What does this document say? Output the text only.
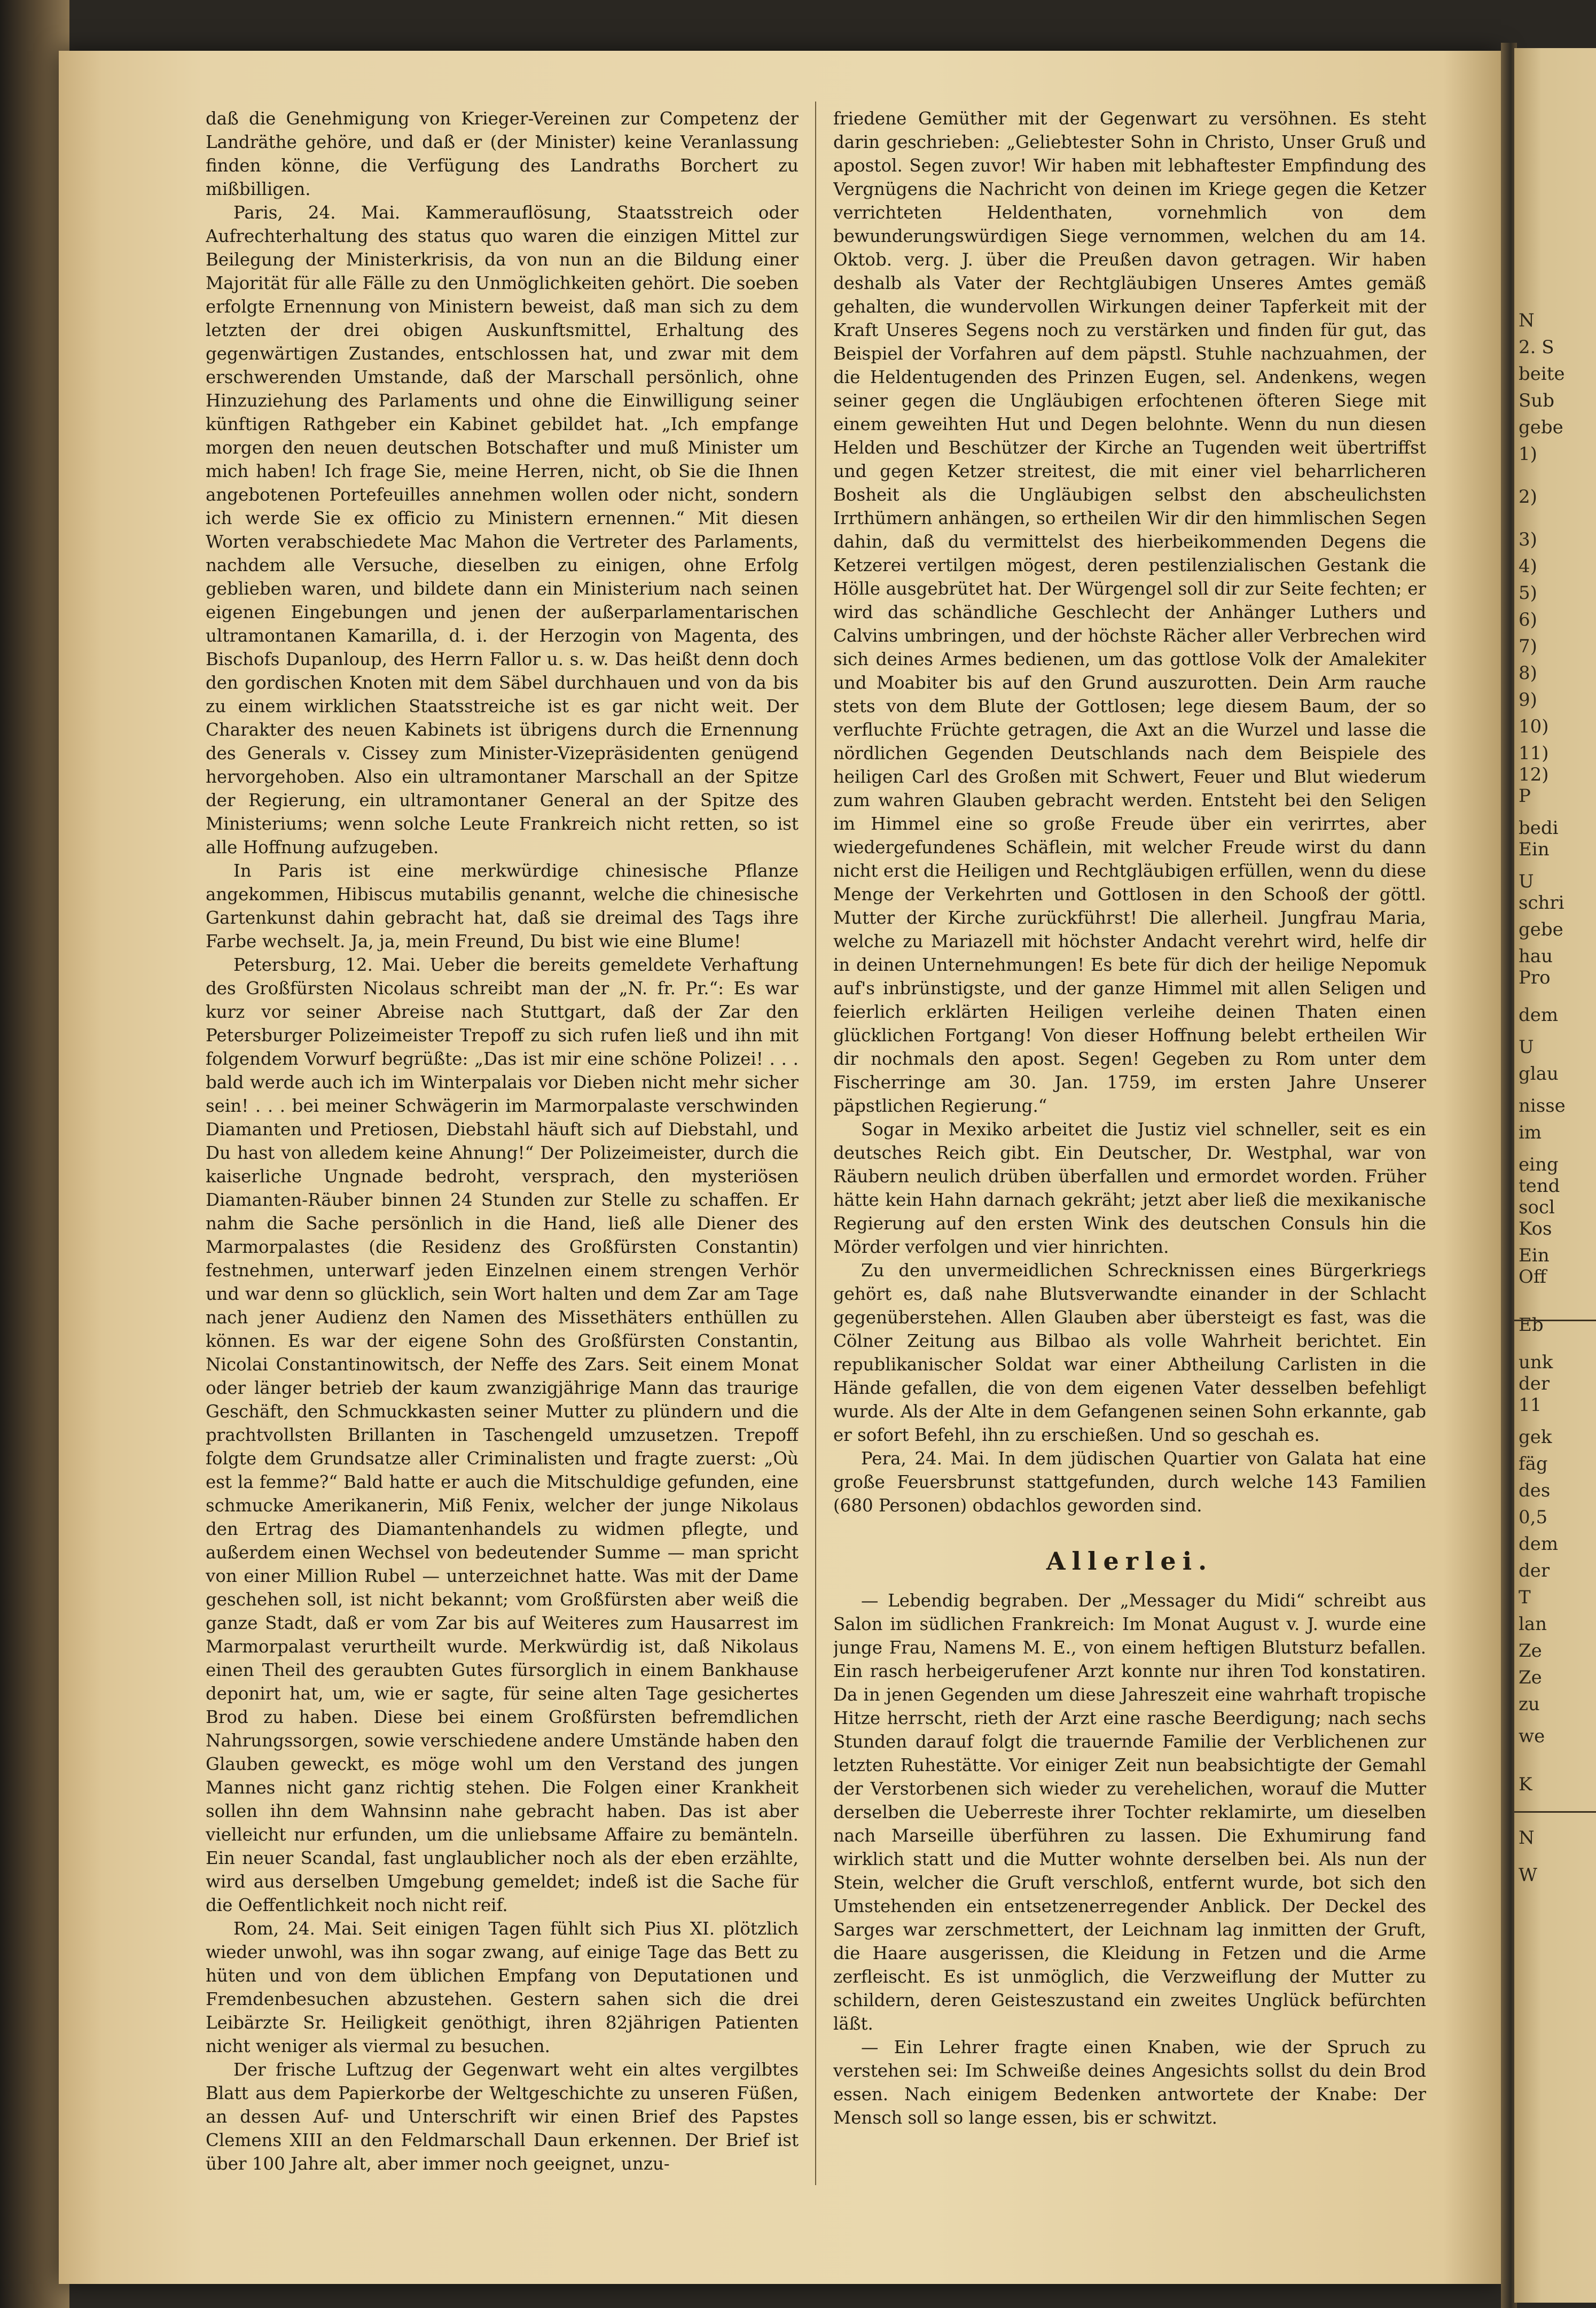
N
2. S
beite
Sub
gebe
1)
2)
3)
4)
5)
6)
7)
8)
9)
10)
11)
12)
P
bedi
Ein
U
schri
gebe
hau
Pro
dem
U
glau
nisse
im
eing
tend
socl
Kos
Ein
Off
Eb
unk
der
11
gek
fäg
des
0,5
dem
der
T
lan
Ze
Ze
zu
we
K
N
W

daß die Genehmigung von Krieger-Vereinen zur Competenz der Landräthe gehöre, und daß er (der Minister) keine Veranlassung finden könne, die Verfügung des Landraths Borchert zu mißbilligen.

Paris, 24. Mai. Kammerauflösung, Staatsstreich oder Aufrechterhaltung des status quo waren die einzigen Mittel zur Beilegung der Ministerkrisis, da von nun an die Bildung einer Majorität für alle Fälle zu den Unmöglichkeiten gehört. Die soeben erfolgte Ernennung von Ministern beweist, daß man sich zu dem letzten der drei obigen Auskunftsmittel, Erhaltung des gegenwärtigen Zustandes, entschlossen hat, und zwar mit dem erschwerenden Umstande, daß der Marschall persönlich, ohne Hinzuziehung des Parlaments und ohne die Einwilligung seiner künftigen Rathgeber ein Kabinet gebildet hat. „Ich empfange morgen den neuen deutschen Botschafter und muß Minister um mich haben! Ich frage Sie, meine Herren, nicht, ob Sie die Ihnen angebotenen Portefeuilles annehmen wollen oder nicht, sondern ich werde Sie ex officio zu Ministern ernennen.“ Mit diesen Worten verabschiedete Mac Mahon die Vertreter des Parlaments, nachdem alle Versuche, dieselben zu einigen, ohne Erfolg geblieben waren, und bildete dann ein Ministerium nach seinen eigenen Eingebungen und jenen der außerparlamentarischen ultramontanen Kamarilla, d. i. der Herzogin von Magenta, des Bischofs Dupanloup, des Herrn Fallor u. s. w. Das heißt denn doch den gordischen Knoten mit dem Säbel durchhauen und von da bis zu einem wirklichen Staatsstreiche ist es gar nicht weit. Der Charakter des neuen Kabinets ist übrigens durch die Ernennung des Generals v. Cissey zum Minister-Vizepräsidenten genügend hervorgehoben. Also ein ultramontaner Marschall an der Spitze der Regierung, ein ultramontaner General an der Spitze des Ministeriums; wenn solche Leute Frankreich nicht retten, so ist alle Hoffnung aufzugeben.

In Paris ist eine merkwürdige chinesische Pflanze angekommen, Hibiscus mutabilis genannt, welche die chinesische Gartenkunst dahin gebracht hat, daß sie dreimal des Tags ihre Farbe wechselt. Ja, ja, mein Freund, Du bist wie eine Blume!

Petersburg, 12. Mai. Ueber die bereits gemeldete Verhaftung des Großfürsten Nicolaus schreibt man der „N. fr. Pr.“: Es war kurz vor seiner Abreise nach Stuttgart, daß der Zar den Petersburger Polizeimeister Trepoff zu sich rufen ließ und ihn mit folgendem Vorwurf begrüßte: „Das ist mir eine schöne Polizei! . . . bald werde auch ich im Winterpalais vor Dieben nicht mehr sicher sein! . . . bei meiner Schwägerin im Marmorpalaste verschwinden Diamanten und Pretiosen, Diebstahl häuft sich auf Diebstahl, und Du hast von alledem keine Ahnung!“ Der Polizeimeister, durch die kaiserliche Ungnade bedroht, versprach, den mysteriösen Diamanten-Räuber binnen 24 Stunden zur Stelle zu schaffen. Er nahm die Sache persönlich in die Hand, ließ alle Diener des Marmorpalastes (die Residenz des Großfürsten Constantin) festnehmen, unterwarf jeden Einzelnen einem strengen Verhör und war denn so glücklich, sein Wort halten und dem Zar am Tage nach jener Audienz den Namen des Missethäters enthüllen zu können. Es war der eigene Sohn des Großfürsten Constantin, Nicolai Constantinowitsch, der Neffe des Zars. Seit einem Monat oder länger betrieb der kaum zwanzigjährige Mann das traurige Geschäft, den Schmuckkasten seiner Mutter zu plündern und die prachtvollsten Brillanten in Taschengeld umzusetzen. Trepoff folgte dem Grundsatze aller Criminalisten und fragte zuerst: „Où est la femme?“ Bald hatte er auch die Mitschuldige gefunden, eine schmucke Amerikanerin, Miß Fenix, welcher der junge Nikolaus den Ertrag des Diamantenhandels zu widmen pflegte, und außerdem einen Wechsel von bedeutender Summe — man spricht von einer Million Rubel — unterzeichnet hatte. Was mit der Dame geschehen soll, ist nicht bekannt; vom Großfürsten aber weiß die ganze Stadt, daß er vom Zar bis auf Weiteres zum Hausarrest im Marmorpalast verurtheilt wurde. Merkwürdig ist, daß Nikolaus einen Theil des geraubten Gutes fürsorglich in einem Bankhause deponirt hat, um, wie er sagte, für seine alten Tage gesichertes Brod zu haben. Diese bei einem Großfürsten befremdlichen Nahrungssorgen, sowie verschiedene andere Umstände haben den Glauben geweckt, es möge wohl um den Verstand des jungen Mannes nicht ganz richtig stehen. Die Folgen einer Krankheit sollen ihn dem Wahnsinn nahe gebracht haben. Das ist aber vielleicht nur erfunden, um die unliebsame Affaire zu bemänteln. Ein neuer Scandal, fast unglaublicher noch als der eben erzählte, wird aus derselben Umgebung gemeldet; indeß ist die Sache für die Oeffentlichkeit noch nicht reif.

Rom, 24. Mai. Seit einigen Tagen fühlt sich Pius XI. plötzlich wieder unwohl, was ihn sogar zwang, auf einige Tage das Bett zu hüten und von dem üblichen Empfang von Deputationen und Fremdenbesuchen abzustehen. Gestern sahen sich die drei Leibärzte Sr. Heiligkeit genöthigt, ihren 82jährigen Patienten nicht weniger als viermal zu besuchen.

Der frische Luftzug der Gegenwart weht ein altes vergilbtes Blatt aus dem Papierkorbe der Weltgeschichte zu unseren Füßen, an dessen Auf- und Unterschrift wir einen Brief des Papstes Clemens XIII an den Feldmarschall Daun erkennen. Der Brief ist über 100 Jahre alt, aber immer noch geeignet, unzu-

friedene Gemüther mit der Gegenwart zu versöhnen. Es steht darin geschrieben: „Geliebtester Sohn in Christo, Unser Gruß und apostol. Segen zuvor! Wir haben mit lebhaftester Empfindung des Vergnügens die Nachricht von deinen im Kriege gegen die Ketzer verrichteten Heldenthaten, vornehmlich von dem bewunderungswürdigen Siege vernommen, welchen du am 14. Oktob. verg. J. über die Preußen davon getragen. Wir haben deshalb als Vater der Rechtgläubigen Unseres Amtes gemäß gehalten, die wundervollen Wirkungen deiner Tapferkeit mit der Kraft Unseres Segens noch zu verstärken und finden für gut, das Beispiel der Vorfahren auf dem päpstl. Stuhle nachzuahmen, der die Heldentugenden des Prinzen Eugen, sel. Andenkens, wegen seiner gegen die Ungläubigen erfochtenen öfteren Siege mit einem geweihten Hut und Degen belohnte. Wenn du nun diesen Helden und Beschützer der Kirche an Tugenden weit übertriffst und gegen Ketzer streitest, die mit einer viel beharrlicheren Bosheit als die Ungläubigen selbst den abscheulichsten Irrthümern anhängen, so ertheilen Wir dir den himmlischen Segen dahin, daß du vermittelst des hierbeikommenden Degens die Ketzerei vertilgen mögest, deren pestilenzialischen Gestank die Hölle ausgebrütet hat. Der Würgengel soll dir zur Seite fechten; er wird das schändliche Geschlecht der Anhänger Luthers und Calvins umbringen, und der höchste Rächer aller Verbrechen wird sich deines Armes bedienen, um das gottlose Volk der Amalekiter und Moabiter bis auf den Grund auszurotten. Dein Arm rauche stets von dem Blute der Gottlosen; lege diesem Baum, der so verfluchte Früchte getragen, die Axt an die Wurzel und lasse die nördlichen Gegenden Deutschlands nach dem Beispiele des heiligen Carl des Großen mit Schwert, Feuer und Blut wiederum zum wahren Glauben gebracht werden. Entsteht bei den Seligen im Himmel eine so große Freude über ein verirrtes, aber wiedergefundenes Schäflein, mit welcher Freude wirst du dann nicht erst die Heiligen und Rechtgläubigen erfüllen, wenn du diese Menge der Verkehrten und Gottlosen in den Schooß der göttl. Mutter der Kirche zurückführst! Die allerheil. Jungfrau Maria, welche zu Mariazell mit höchster Andacht verehrt wird, helfe dir in deinen Unternehmungen! Es bete für dich der heilige Nepomuk auf's inbrünstigste, und der ganze Himmel mit allen Seligen und feierlich erklärten Heiligen verleihe deinen Thaten einen glücklichen Fortgang! Von dieser Hoffnung belebt ertheilen Wir dir nochmals den apost. Segen! Gegeben zu Rom unter dem Fischerringe am 30. Jan. 1759, im ersten Jahre Unserer päpstlichen Regierung.“

Sogar in Mexiko arbeitet die Justiz viel schneller, seit es ein deutsches Reich gibt. Ein Deutscher, Dr. Westphal, war von Räubern neulich drüben überfallen und ermordet worden. Früher hätte kein Hahn darnach gekräht; jetzt aber ließ die mexikanische Regierung auf den ersten Wink des deutschen Consuls hin die Mörder verfolgen und vier hinrichten.

Zu den unvermeidlichen Schrecknissen eines Bürgerkriegs gehört es, daß nahe Blutsverwandte einander in der Schlacht gegenüberstehen. Allen Glauben aber übersteigt es fast, was die Cölner Zeitung aus Bilbao als volle Wahrheit berichtet. Ein republikanischer Soldat war einer Abtheilung Carlisten in die Hände gefallen, die von dem eigenen Vater desselben befehligt wurde. Als der Alte in dem Gefangenen seinen Sohn erkannte, gab er sofort Befehl, ihn zu erschießen. Und so geschah es.

Pera, 24. Mai. In dem jüdischen Quartier von Galata hat eine große Feuersbrunst stattgefunden, durch welche 143 Familien (680 Personen) obdachlos geworden sind.

Allerlei.

— Lebendig begraben. Der „Messager du Midi“ schreibt aus Salon im südlichen Frankreich: Im Monat August v. J. wurde eine junge Frau, Namens M. E., von einem heftigen Blutsturz befallen. Ein rasch herbeigerufener Arzt konnte nur ihren Tod konstatiren. Da in jenen Gegenden um diese Jahreszeit eine wahrhaft tropische Hitze herrscht, rieth der Arzt eine rasche Beerdigung; nach sechs Stunden darauf folgt die trauernde Familie der Verblichenen zur letzten Ruhestätte. Vor einiger Zeit nun beabsichtigte der Gemahl der Verstorbenen sich wieder zu verehelichen, worauf die Mutter derselben die Ueberreste ihrer Tochter reklamirte, um dieselben nach Marseille überführen zu lassen. Die Exhumirung fand wirklich statt und die Mutter wohnte derselben bei. Als nun der Stein, welcher die Gruft verschloß, entfernt wurde, bot sich den Umstehenden ein entsetzenerregender Anblick. Der Deckel des Sarges war zerschmettert, der Leichnam lag inmitten der Gruft, die Haare ausgerissen, die Kleidung in Fetzen und die Arme zerfleischt. Es ist unmöglich, die Verzweiflung der Mutter zu schildern, deren Geisteszustand ein zweites Unglück befürchten läßt.

— Ein Lehrer fragte einen Knaben, wie der Spruch zu verstehen sei: Im Schweiße deines Angesichts sollst du dein Brod essen. Nach einigem Bedenken antwortete der Knabe: Der Mensch soll so lange essen, bis er schwitzt.
